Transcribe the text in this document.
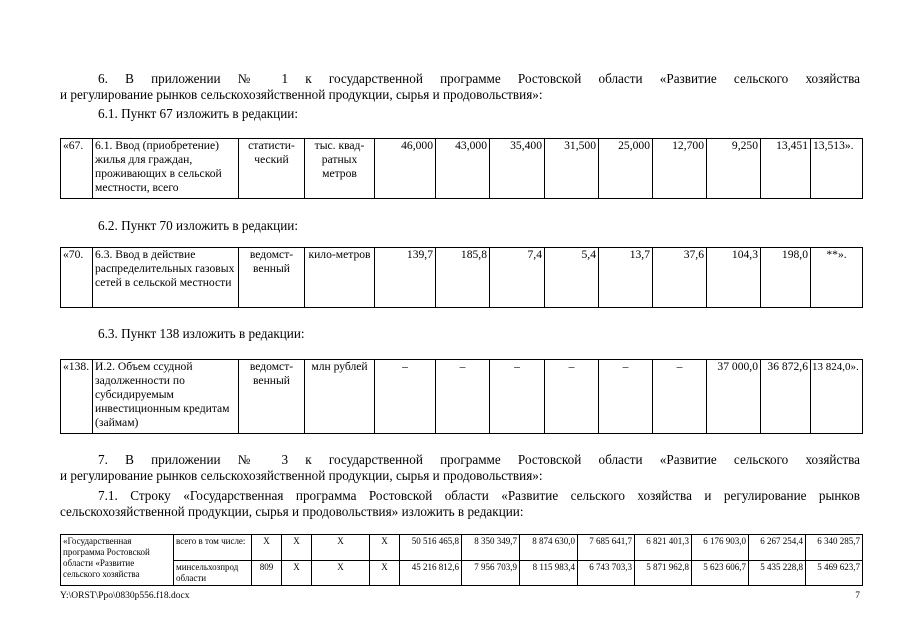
6. В приложении № 1 к государственной программе Ростовской области «Развитие сельского хозяйства
и регулирование рынков сельскохозяйственной продукции, сырья и продовольствия»:
6.1. Пункт 67 изложить в редакции:
«67.	6.1. Ввод (приобретение) жилья для граждан, проживающих в сельской местности, всего	статисти-ческий	тыс. квад-ратных метров	46,000	43,000	35,400	31,500	25,000	12,700	9,250	13,451	13,513».
6.2. Пункт 70 изложить в редакции:
«70.	6.3. Ввод в действие распределительных газовых сетей в сельской местности	ведомст-венный	кило-метров	139,7	185,8	7,4	5,4	13,7	37,6	104,3	198,0	**».
6.3. Пункт 138 изложить в редакции:
«138.	И.2. Объем ссудной задолженности по субсидируемым инвестиционным кредитам (займам)	ведомст-венный	млн рублей	–	–	–	–	–	–	37 000,0	36 872,6	13 824,0».
7. В приложении № 3 к государственной программе Ростовской области «Развитие сельского хозяйства
и регулирование рынков сельскохозяйственной продукции, сырья и продовольствия»:
7.1. Строку «Государственная программа Ростовской области «Развитие сельского хозяйства и регулирование рынков
сельскохозяйственной продукции, сырья и продовольствия» изложить в редакции:
«Государственная программа Ростовской области «Развитие сельского хозяйства	всего в том числе:	X	X	X	X	50 516 465,8	8 350 349,7	8 874 630,0	7 685 641,7	6 821 401,3	6 176 903,0	6 267 254,4	6 340 285,7
	минсельхозпрод области	809	X	X	X	45 216 812,6	7 956 703,9	8 115 983,4	6 743 703,3	5 871 962,8	5 623 606,7	5 435 228,8	5 469 623,7
Y:\ORST\Ppo\0830p556.f18.docx	7
